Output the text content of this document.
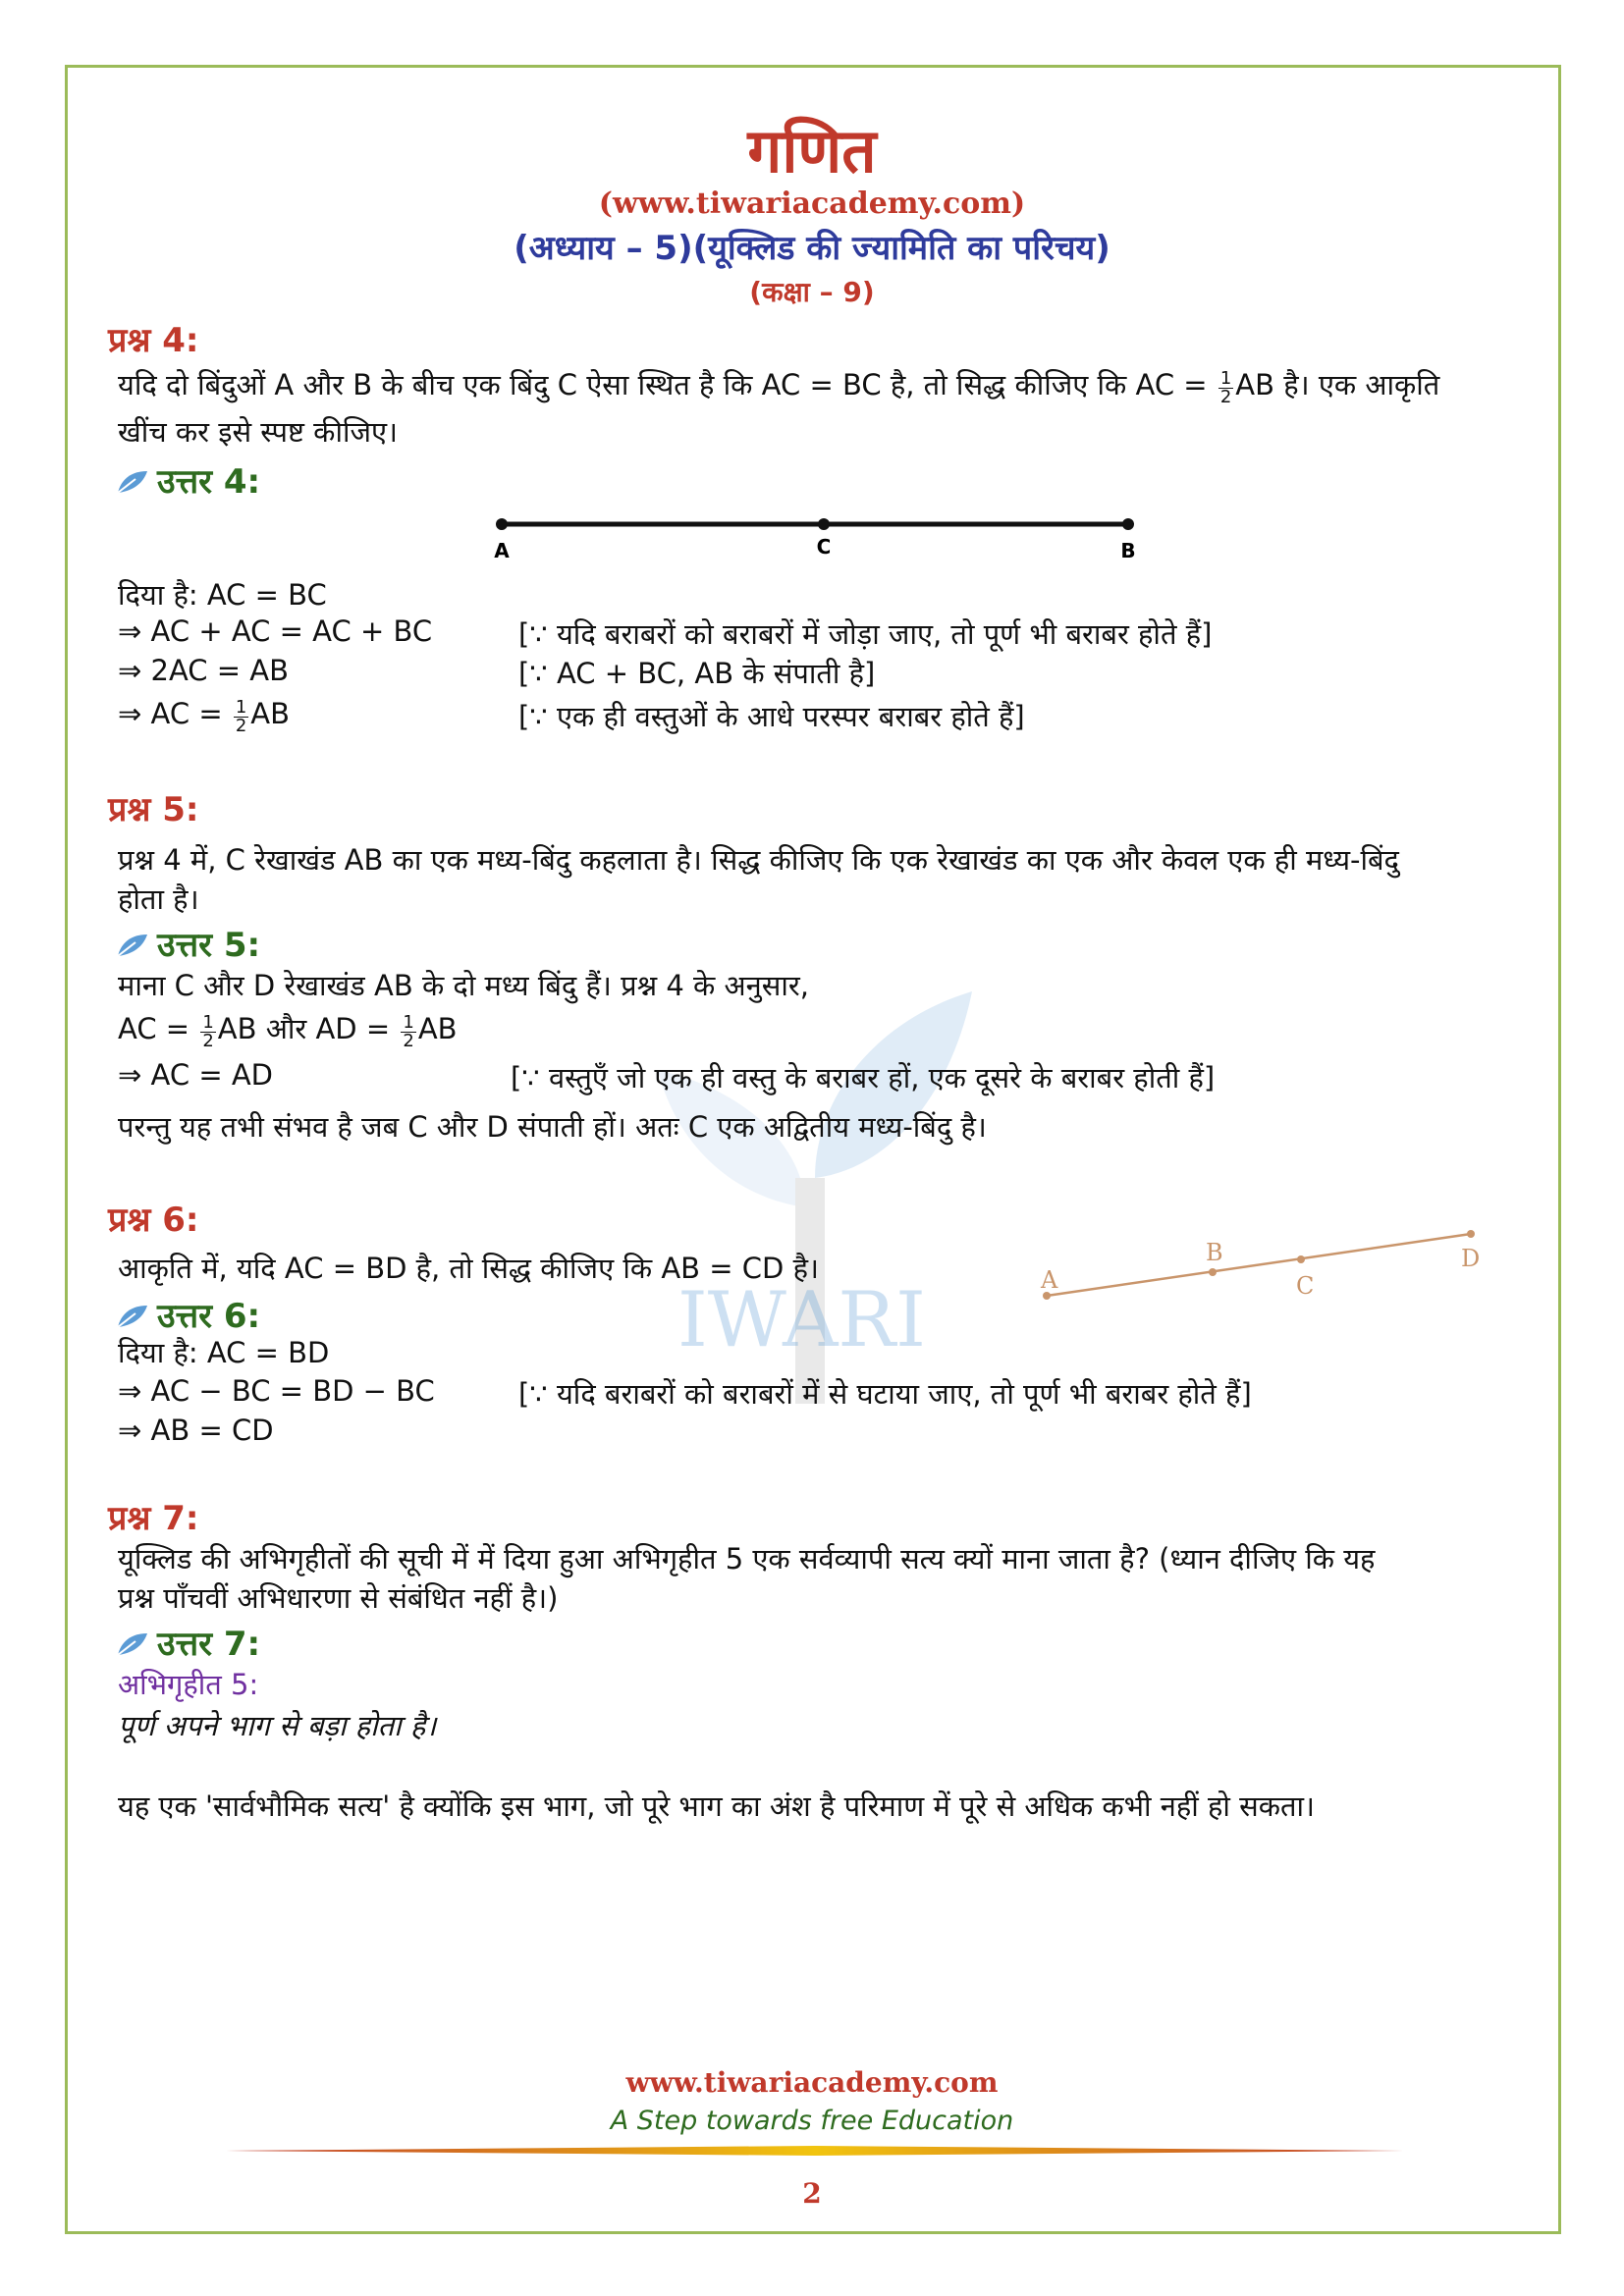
IWARI
गणित
(www.tiwariacademy.com)
(अध्याय – 5)(यूक्लिड की ज्यामिति का परिचय)
(कक्षा – 9)
प्रश्न 4:
यदि दो बिंदुओं A और B के बीच एक बिंदु C ऐसा स्थित है कि AC = BC है, तो सिद्ध कीजिए कि AC = $\frac{1}{2}$ AB है। एक आकृति
खींच कर इसे स्पष्ट कीजिए।
उत्तर 4:
A	C	B
दिया है: AC = BC
⇒ AC + AC = AC + BC	[∵ यदि बराबरों को बराबरों में जोड़ा जाए, तो पूर्ण भी बराबर होते हैं]
⇒ 2AC = AB	[∵ AC + BC, AB के संपाती है]
⇒ AC = $\frac{1}{2}$ AB	[∵ एक ही वस्तुओं के आधे परस्पर बराबर होते हैं]
प्रश्न 5:
प्रश्न 4 में, C रेखाखंड AB का एक मध्य-बिंदु कहलाता है। सिद्ध कीजिए कि एक रेखाखंड का एक और केवल एक ही मध्य-बिंदु
होता है।
उत्तर 5:
माना C और D रेखाखंड AB के दो मध्य बिंदु हैं। प्रश्न 4 के अनुसार,
AC = $\frac{1}{2}$ AB और AD = $\frac{1}{2}$ AB
⇒ AC = AD	[∵ वस्तुएँ जो एक ही वस्तु के बराबर हों, एक दूसरे के बराबर होती हैं]
परन्तु यह तभी संभव है जब C और D संपाती हों। अतः C एक अद्वितीय मध्य-बिंदु है।
प्रश्न 6:
आकृति में, यदि AC = BD है, तो सिद्ध कीजिए कि AB = CD है।	A
B
C
D
उत्तर 6:
दिया है: AC = BD
⇒ AC − BC = BD − BC	[∵ यदि बराबरों को बराबरों में से घटाया जाए, तो पूर्ण भी बराबर होते हैं]
⇒ AB = CD
प्रश्न 7:
यूक्लिड की अभिगृहीतों की सूची में में दिया हुआ अभिगृहीत 5 एक सर्वव्यापी सत्य क्यों माना जाता है? (ध्यान दीजिए कि यह
प्रश्न पाँचवीं अभिधारणा से संबंधित नहीं है।)
उत्तर 7:
अभिगृहीत 5:
पूर्ण अपने भाग से बड़ा होता है।
यह एक 'सार्वभौमिक सत्य' है क्योंकि इस भाग, जो पूरे भाग का अंश है परिमाण में पूरे से अधिक कभी नहीं हो सकता।
www.tiwariacademy.com
A Step towards free Education
2
